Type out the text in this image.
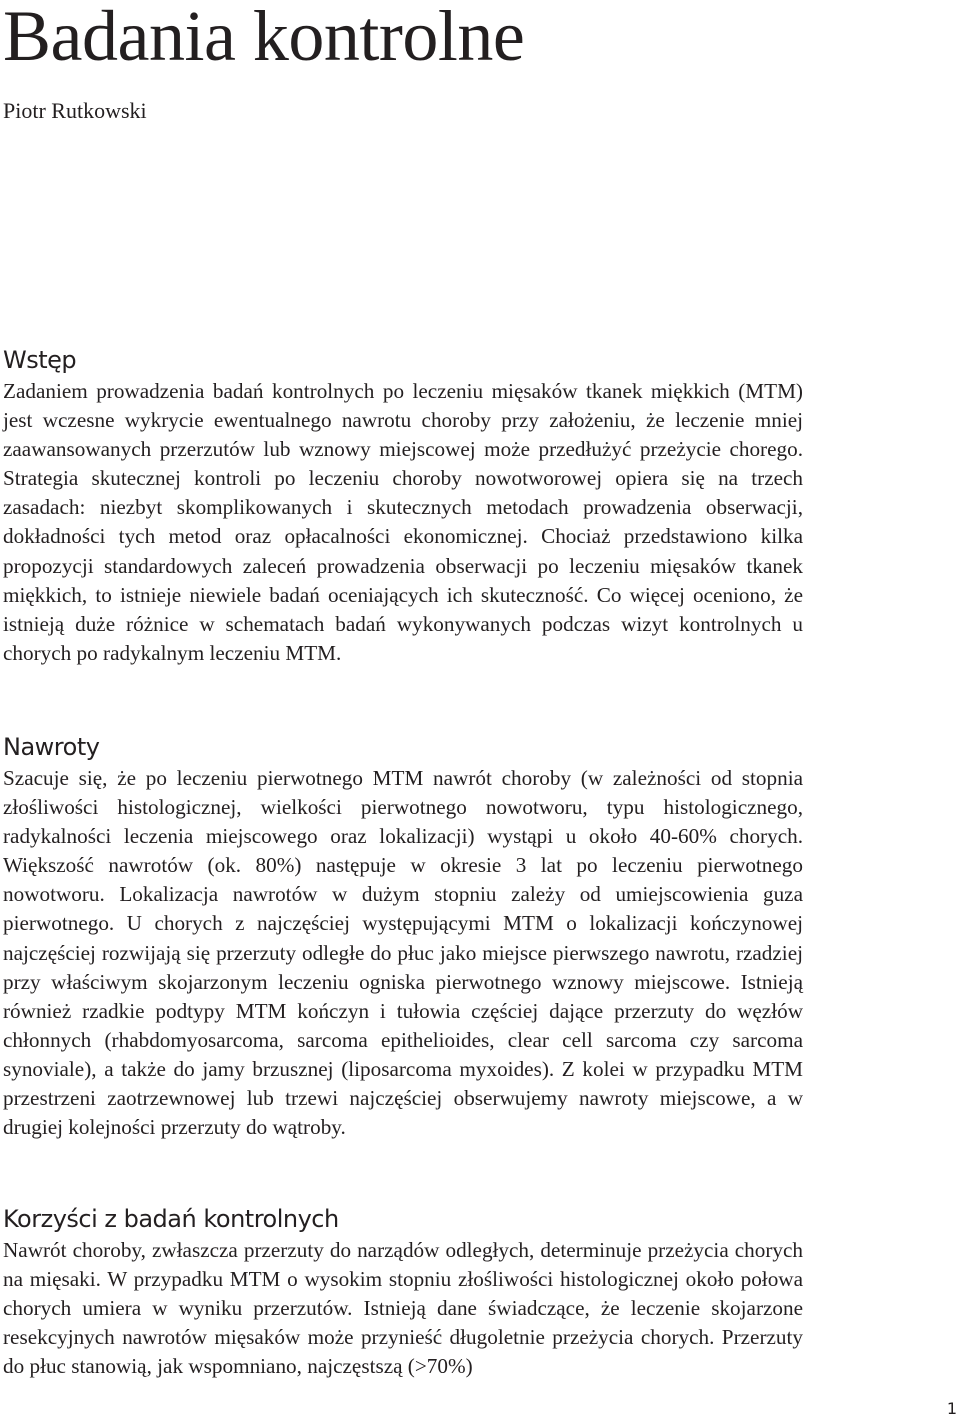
Badania kontrolne

Piotr Rutkowski

Wstęp

Zadaniem prowadzenia badań kontrolnych po leczeniu mięsaków tkanek miękkich (MTM) jest wczesne wykrycie ewentualnego nawrotu choroby przy założeniu, że leczenie mniej zaawansowanych przerzutów lub wznowy miejscowej może przedłużyć przeżycie chorego. Strategia skutecznej kontroli po leczeniu choroby nowotworowej opiera się na trzech zasadach: niezbyt skomplikowanych i skutecznych metodach prowadzenia obserwacji, dokładności tych metod oraz opłacalności ekonomicznej. Chociaż przedstawiono kilka propozycji standardowych zaleceń prowadzenia obserwacji po leczeniu mięsaków tkanek miękkich, to istnieje niewiele badań oceniających ich skuteczność. Co więcej oceniono, że istnieją duże różnice w schematach badań wykonywanych podczas wizyt kontrolnych u chorych po radykalnym leczeniu MTM.

Nawroty

Szacuje się, że po leczeniu pierwotnego MTM nawrót choroby (w zależności od stopnia złośliwości histologicznej, wielkości pierwotnego nowotworu, typu histologicznego, radykalności leczenia miejscowego oraz lokalizacji) wystąpi u około 40-60% chorych. Większość nawrotów (ok. 80%) następuje w okresie 3 lat po leczeniu pierwotnego nowotworu. Lokalizacja nawrotów w dużym stopniu zależy od umiejscowienia guza pierwotnego. U chorych z najczęściej występującymi MTM o lokalizacji kończynowej najczęściej rozwijają się przerzuty odległe do płuc jako miejsce pierwszego nawrotu, rzadziej przy właściwym skojarzonym leczeniu ogniska pierwotnego wznowy miejscowe. Istnieją również rzadkie podtypy MTM kończyn i tułowia częściej dające przerzuty do węzłów chłonnych (rhabdomyosarcoma, sarcoma epithelioides, clear cell sarcoma czy sarcoma synoviale), a także do jamy brzusznej (liposarcoma myxoides). Z kolei w przypadku MTM przestrzeni zaotrzewnowej lub trzewi najczęściej obserwujemy nawroty miejscowe, a w drugiej kolejności przerzuty do wątroby.

Korzyści z badań kontrolnych

Nawrót choroby, zwłaszcza przerzuty do narządów odległych, determinuje przeżycia chorych na mięsaki. W przypadku MTM o wysokim stopniu złośliwości histologicznej około połowa chorych umiera w wyniku przerzutów. Istnieją dane świadczące, że leczenie skojarzone resekcyjnych nawrotów mięsaków może przynieść długoletnie przeżycia chorych. Przerzuty do płuc stanowią, jak wspomniano, najczęstszą (>70%)

1
